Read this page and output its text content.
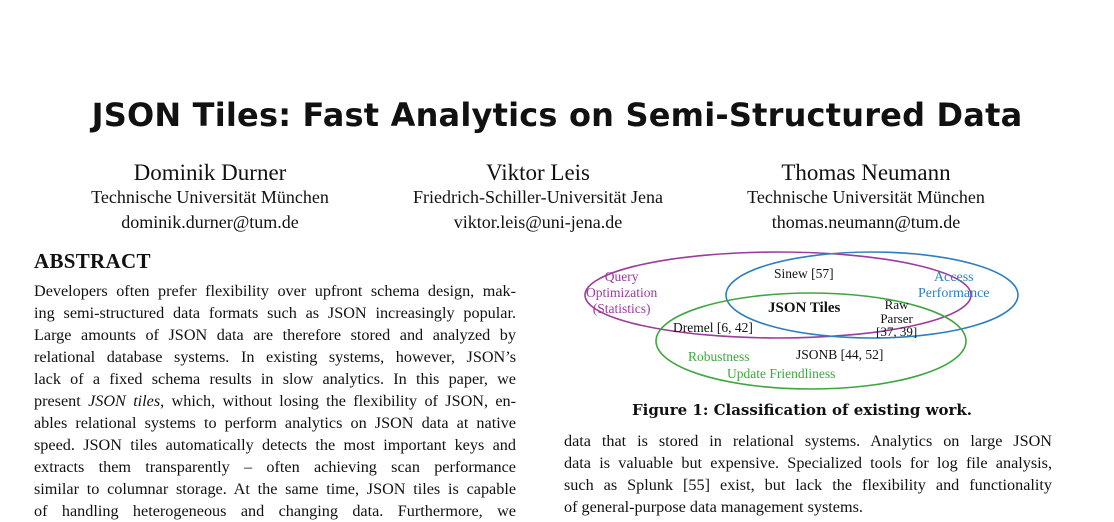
JSON Tiles: Fast Analytics on Semi-Structured Data
Dominik Durner
Technische Universität München
dominik.durner@tum.de
Viktor Leis
Friedrich-Schiller-Universität Jena
viktor.leis@uni-jena.de
Thomas Neumann
Technische Universität München
thomas.neumann@tum.de
ABSTRACT
Developers often prefer flexibility over upfront schema design, mak-
ing semi-structured data formats such as JSON increasingly popular.
Large amounts of JSON data are therefore stored and analyzed by
relational database systems. In existing systems, however, JSON’s
lack of a fixed schema results in slow analytics. In this paper, we
present JSON tiles, which, without losing the flexibility of JSON, en-
ables relational systems to perform analytics on JSON data at native
speed. JSON tiles automatically detects the most important keys and
extracts them transparently – often achieving scan performance
similar to columnar storage. At the same time, JSON tiles is capable
of handling heterogeneous and changing data. Furthermore, we
Query
Optimization
(Statistics)
Access
Performance
Sinew [57]
JSON Tiles	Raw
Parser
[37, 39]
Dremel [6, 42]
JSONB [44, 52]
Robustness
Update Friendliness
Figure 1: Classification of existing work.
data that is stored in relational systems. Analytics on large JSON
data is valuable but expensive. Specialized tools for log file analysis,
such as Splunk [55] exist, but lack the flexibility and functionality
of general-purpose data management systems.
